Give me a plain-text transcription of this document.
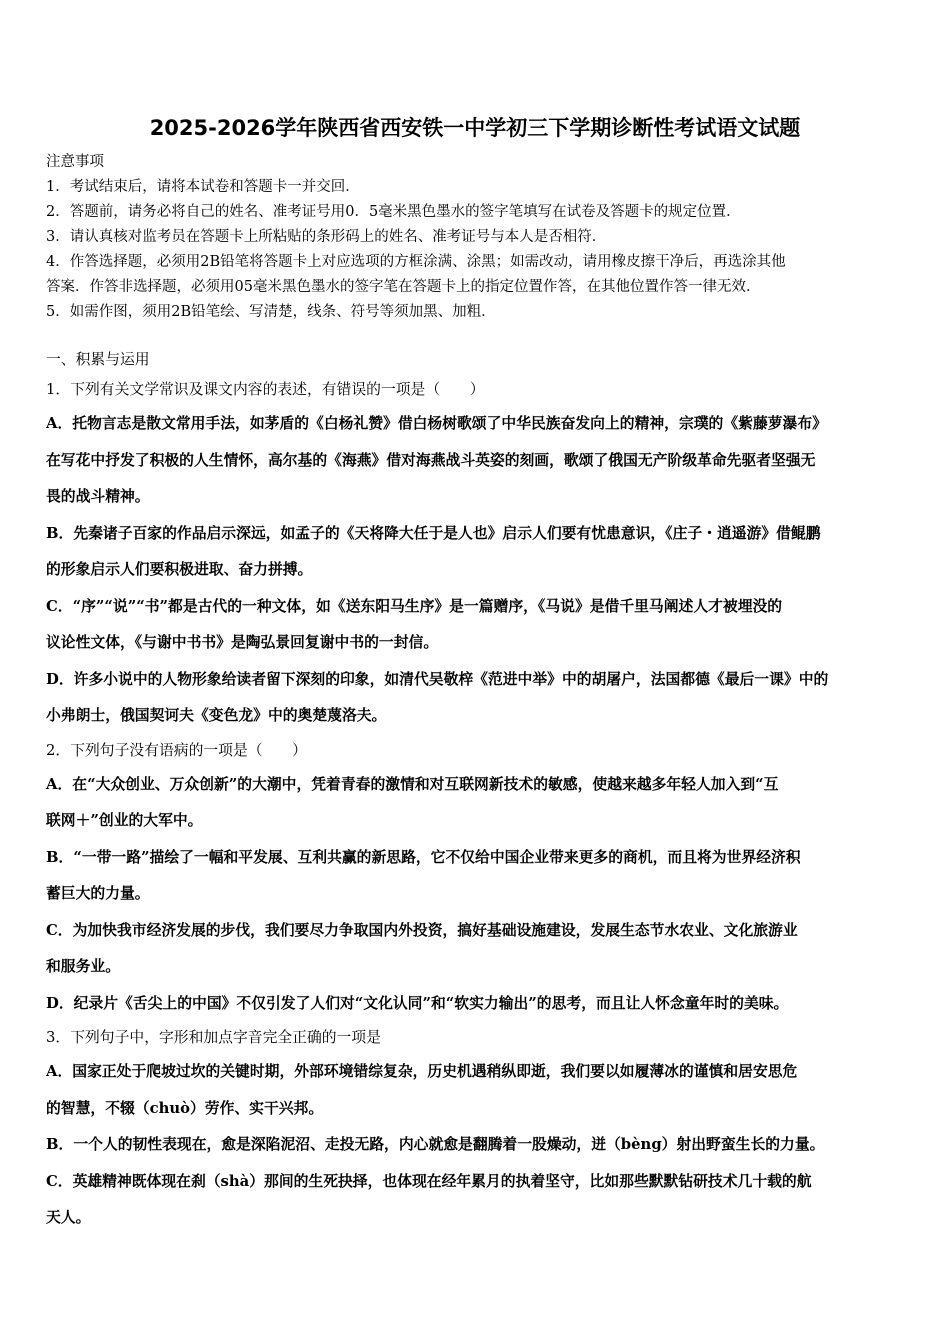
2025-2026学年陕西省西安铁一中学初三下学期诊断性考试语文试题
注意事项
1．考试结束后，请将本试卷和答题卡一并交回．
2．答题前，请务必将自己的姓名、准考证号用0．5毫米黑色墨水的签字笔填写在试卷及答题卡的规定位置．
3．请认真核对监考员在答题卡上所粘贴的条形码上的姓名、准考证号与本人是否相符．
4．作答选择题，必须用2B铅笔将答题卡上对应选项的方框涂满、涂黑；如需改动，请用橡皮擦干净后，再选涂其他
答案．作答非选择题，必须用05毫米黑色墨水的签字笔在答题卡上的指定位置作答，在其他位置作答一律无效．
5．如需作图，须用2B铅笔绘、写清楚，线条、符号等须加黑、加粗．
一、积累与运用
1．下列有关文学常识及课文内容的表述，有错误的一项是（　　）
A．托物言志是散文常用手法，如茅盾的《白杨礼赞》借白杨树歌颂了中华民族奋发向上的精神，宗璞的《紫藤萝瀑布》
在写花中抒发了积极的人生情怀，高尔基的《海燕》借对海燕战斗英姿的刻画，歌颂了俄国无产阶级革命先驱者坚强无
畏的战斗精神。
B．先秦诸子百家的作品启示深远，如孟子的《天将降大任于是人也》启示人们要有忧患意识，《庄子・逍遥游》借鲲鹏
的形象启示人们要积极进取、奋力拼搏。
C．“序”“说”“书”都是古代的一种文体，如《送东阳马生序》是一篇赠序，《马说》是借千里马阐述人才被埋没的
议论性文体，《与谢中书书》是陶弘景回复谢中书的一封信。
D．许多小说中的人物形象给读者留下深刻的印象，如清代吴敬梓《范进中举》中的胡屠户，法国都德《最后一课》中的
小弗朗士，俄国契诃夫《变色龙》中的奥楚蔑洛夫。
2．下列句子没有语病的一项是（　　）
A．在“大众创业、万众创新”的大潮中，凭着青春的激情和对互联网新技术的敏感，使越来越多年轻人加入到“互
联网＋”创业的大军中。
B．“一带一路”描绘了一幅和平发展、互利共赢的新思路，它不仅给中国企业带来更多的商机，而且将为世界经济积
蓄巨大的力量。
C．为加快我市经济发展的步伐，我们要尽力争取国内外投资，搞好基础设施建设，发展生态节水农业、文化旅游业
和服务业。
D．纪录片《舌尖上的中国》不仅引发了人们对“文化认同”和“软实力输出”的思考，而且让人怀念童年时的美味。
3．下列句子中，字形和加点字音完全正确的一项是
A．国家正处于爬坡过坎的关键时期，外部环境错综复杂，历史机遇稍纵即逝，我们要以如履薄冰的谨慎和居安思危
的智慧，不辍（chuò）劳作、实干兴邦。
B．一个人的韧性表现在，愈是深陷泥沼、走投无路，内心就愈是翻腾着一股燥动，迸（bèng）射出野蛮生长的力量。
C．英雄精神既体现在刹（shà）那间的生死抉择，也体现在经年累月的执着坚守，比如那些默默钻研技术几十载的航
天人。
